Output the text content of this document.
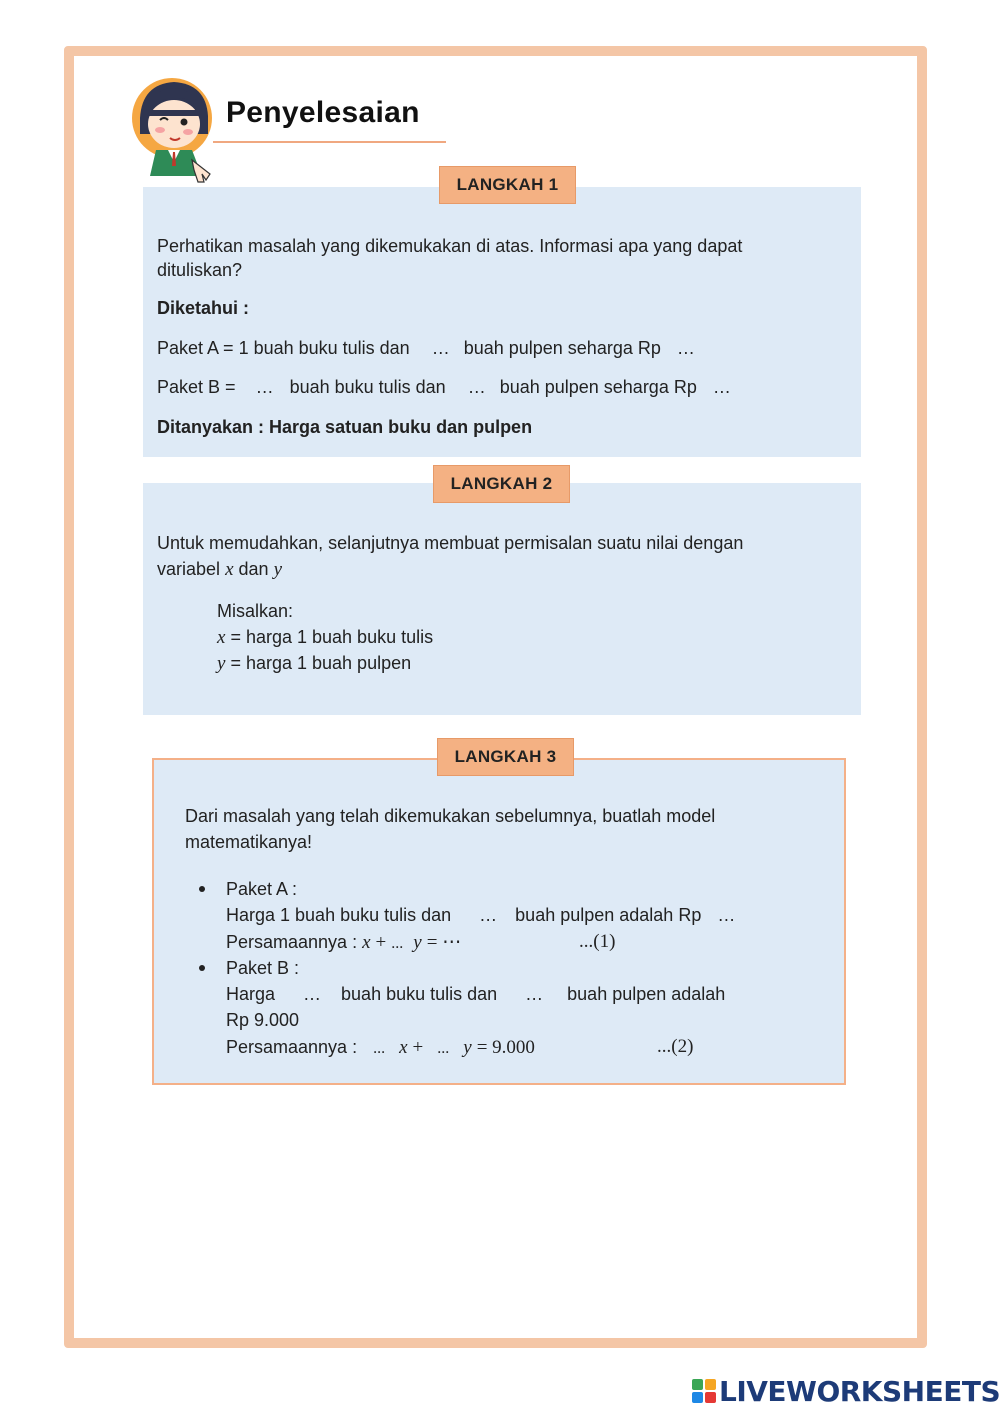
Penyelesaian
LANGKAH 1
Perhatikan masalah yang dikemukakan di atas. Informasi apa yang dapat
dituliskan?
Diketahui :
Paket A = 1 buah buku tulis dan … buah pulpen seharga Rp …
Paket B = … buah buku tulis dan … buah pulpen seharga Rp …
Ditanyakan : Harga satuan buku dan pulpen
LANGKAH 2
Untuk memudahkan, selanjutnya membuat permisalan suatu nilai dengan
variabel x dan y
Misalkan:
x = harga 1 buah buku tulis
y = harga 1 buah pulpen
LANGKAH 3
Dari masalah yang telah dikemukakan sebelumnya, buatlah model
matematikanya!
Paket A :
Harga 1 buah buku tulis dan … buah pulpen adalah Rp …
Persamaannya : x + ... y = ⋯	...(1)
Paket B :
Harga … buah buku tulis dan … buah pulpen adalah
Rp 9.000
Persamaannya : ... x + ... y = 9.000	...(2)
LIVEWORKSHEETS
